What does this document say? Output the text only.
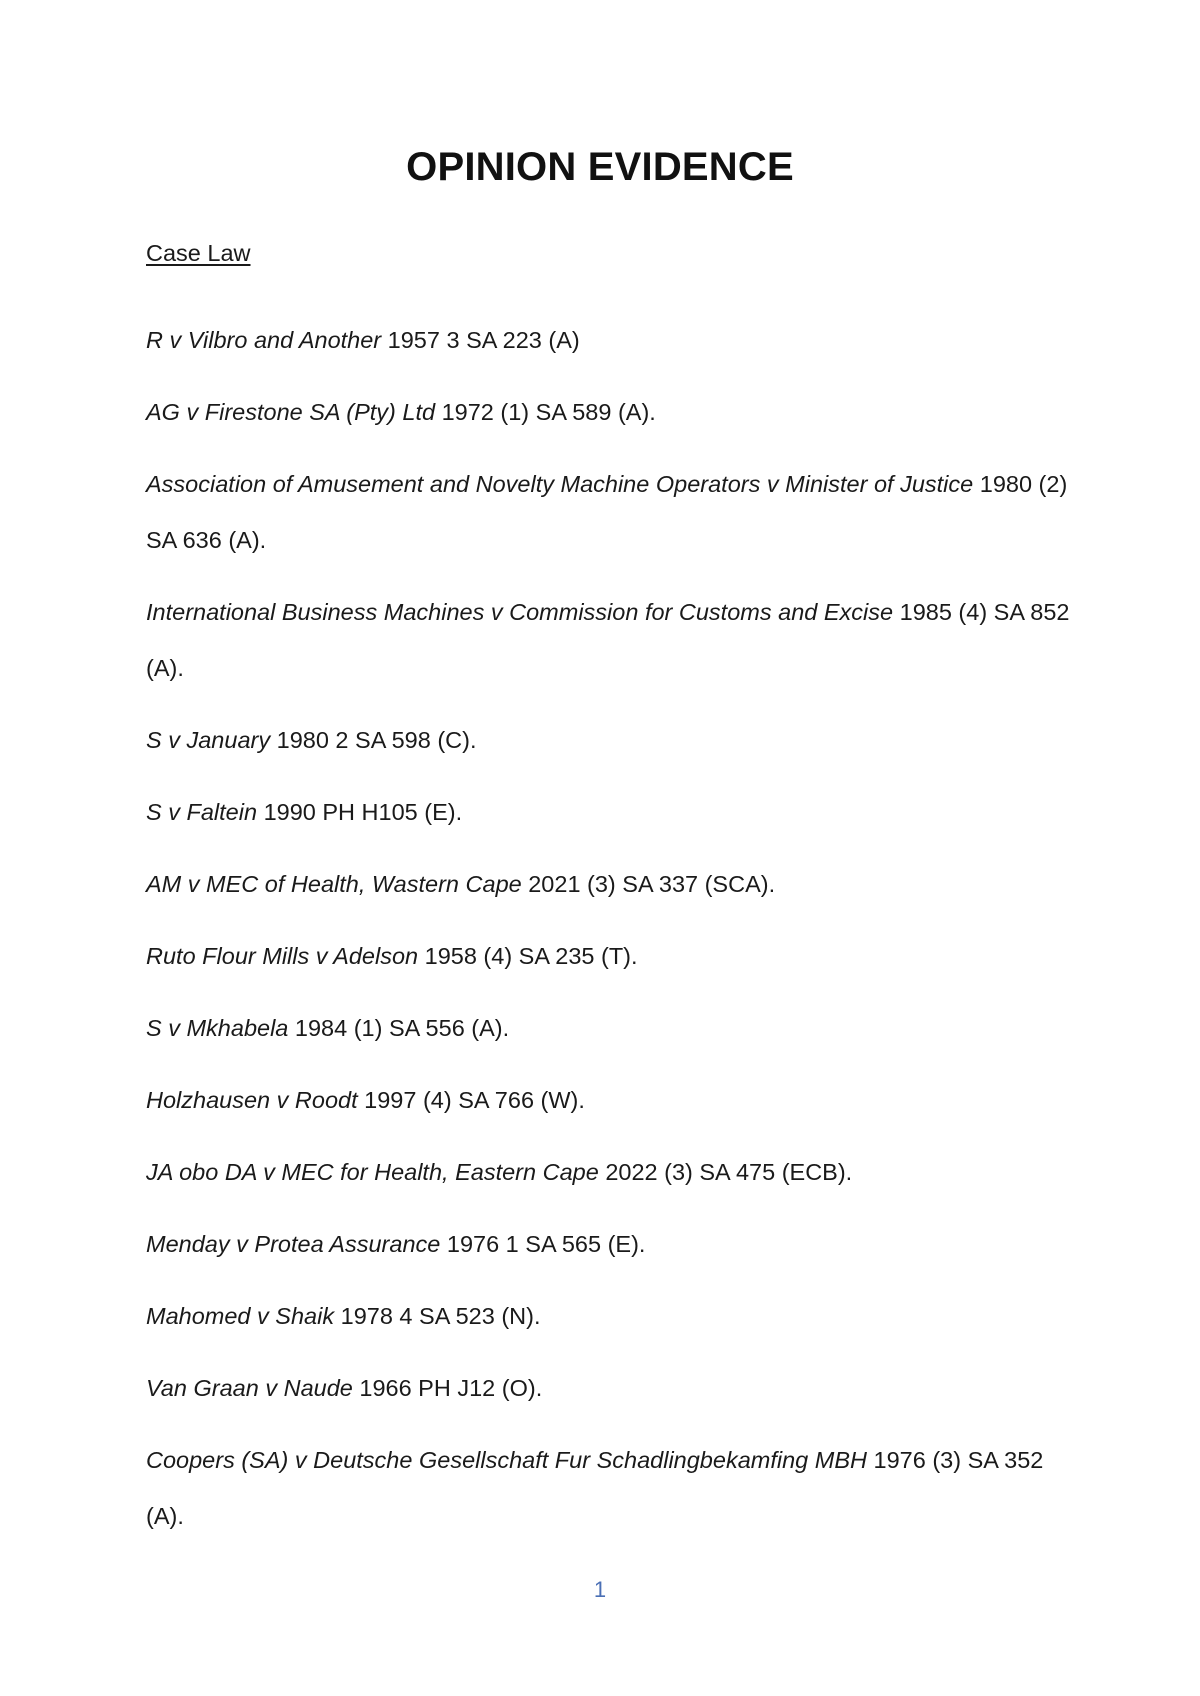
OPINION EVIDENCE
Case Law
R v Vilbro and Another 1957 3 SA 223 (A)
AG v Firestone SA (Pty) Ltd 1972 (1) SA 589 (A).
Association of Amusement and Novelty Machine Operators v Minister of Justice 1980 (2) SA 636 (A).
International Business Machines v Commission for Customs and Excise 1985 (4) SA 852 (A).
S v January 1980 2 SA 598 (C).
S v Faltein 1990 PH H105 (E).
AM v MEC of Health, Wastern Cape 2021 (3) SA 337 (SCA).
Ruto Flour Mills v Adelson 1958 (4) SA 235 (T).
S v Mkhabela 1984 (1) SA 556 (A).
Holzhausen v Roodt 1997 (4) SA 766 (W).
JA obo DA v MEC for Health, Eastern Cape 2022 (3) SA 475 (ECB).
Menday v Protea Assurance 1976 1 SA 565 (E).
Mahomed v Shaik 1978 4 SA 523 (N).
Van Graan v Naude 1966 PH J12 (O).
Coopers (SA) v Deutsche Gesellschaft Fur Schadlingbekamfing MBH 1976 (3) SA 352 (A).
1
